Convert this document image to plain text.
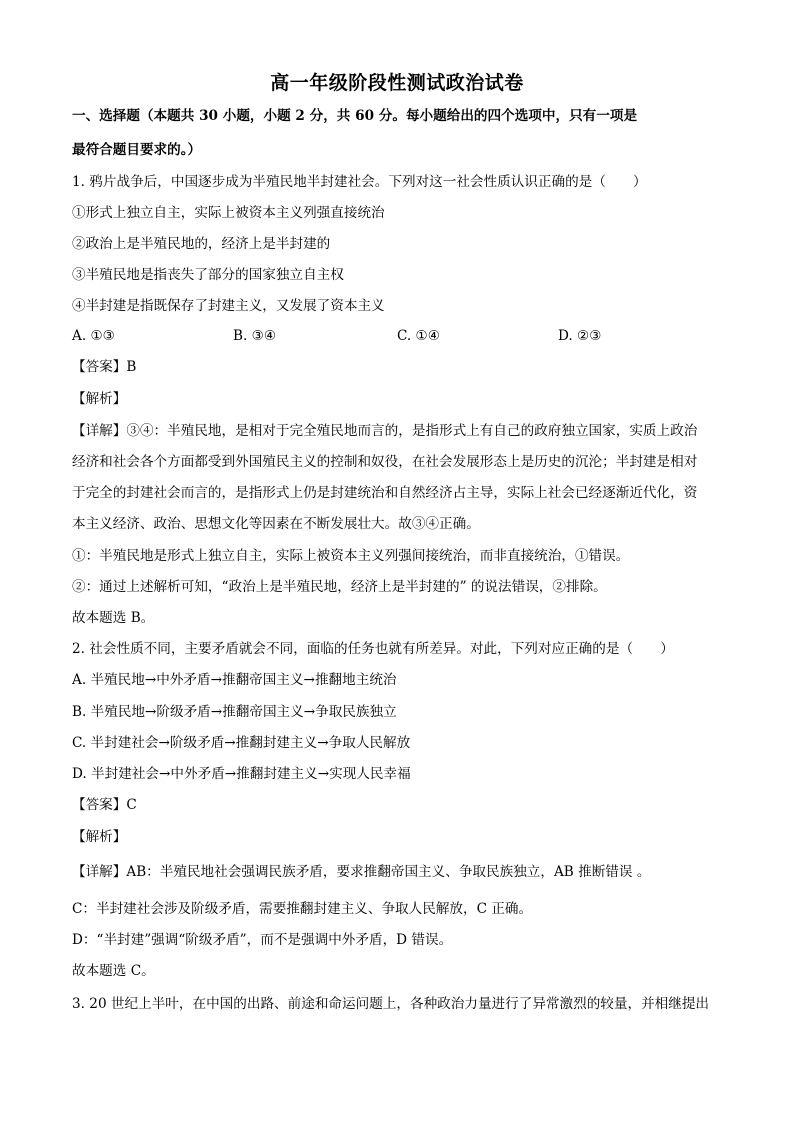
高一年级阶段性测试政治试卷
一、选择题（本题共 30 小题，小题 2 分，共 60 分。每小题给出的四个选项中，只有一项是
最符合题目要求的。）
1. 鸦片战争后，中国逐步成为半殖民地半封建社会。下列对这一社会性质认识正确的是（　　）
①形式上独立自主，实际上被资本主义列强直接统治
②政治上是半殖民地的，经济上是半封建的
③半殖民地是指丧失了部分的国家独立自主权
④半封建是指既保存了封建主义，又发展了资本主义
A. ①③	B. ③④	C. ①④	D. ②③
【答案】B
【解析】
【详解】③④：半殖民地，是相对于完全殖民地而言的，是指形式上有自己的政府独立国家，实质上政治
经济和社会各个方面都受到外国殖民主义的控制和奴役，在社会发展形态上是历史的沉沦；半封建是相对
于完全的封建社会而言的，是指形式上仍是封建统治和自然经济占主导，实际上社会已经逐渐近代化，资
本主义经济、政治、思想文化等因素在不断发展壮大。故③④正确。
①：半殖民地是形式上独立自主，实际上被资本主义列强间接统治，而非直接统治，①错误。
②：通过上述解析可知，“政治上是半殖民地，经济上是半封建的” 的说法错误，②排除。
故本题选 B。
2. 社会性质不同，主要矛盾就会不同，面临的任务也就有所差异。对此，下列对应正确的是（　　）
A. 半殖民地→中外矛盾→推翻帝国主义→推翻地主统治
B. 半殖民地→阶级矛盾→推翻帝国主义→争取民族独立
C. 半封建社会→阶级矛盾→推翻封建主义→争取人民解放
D. 半封建社会→中外矛盾→推翻封建主义→实现人民幸福
【答案】C
【解析】
【详解】AB：半殖民地社会强调民族矛盾，要求推翻帝国主义、争取民族独立，AB 推断错误 。
C：半封建社会涉及阶级矛盾，需要推翻封建主义、争取人民解放，C 正确。
D：“半封建”强调“阶级矛盾”，而不是强调中外矛盾，D 错误。
故本题选 C。
3. 20 世纪上半叶，在中国的出路、前途和命运问题上，各种政治力量进行了异常激烈的较量，并相继提出
